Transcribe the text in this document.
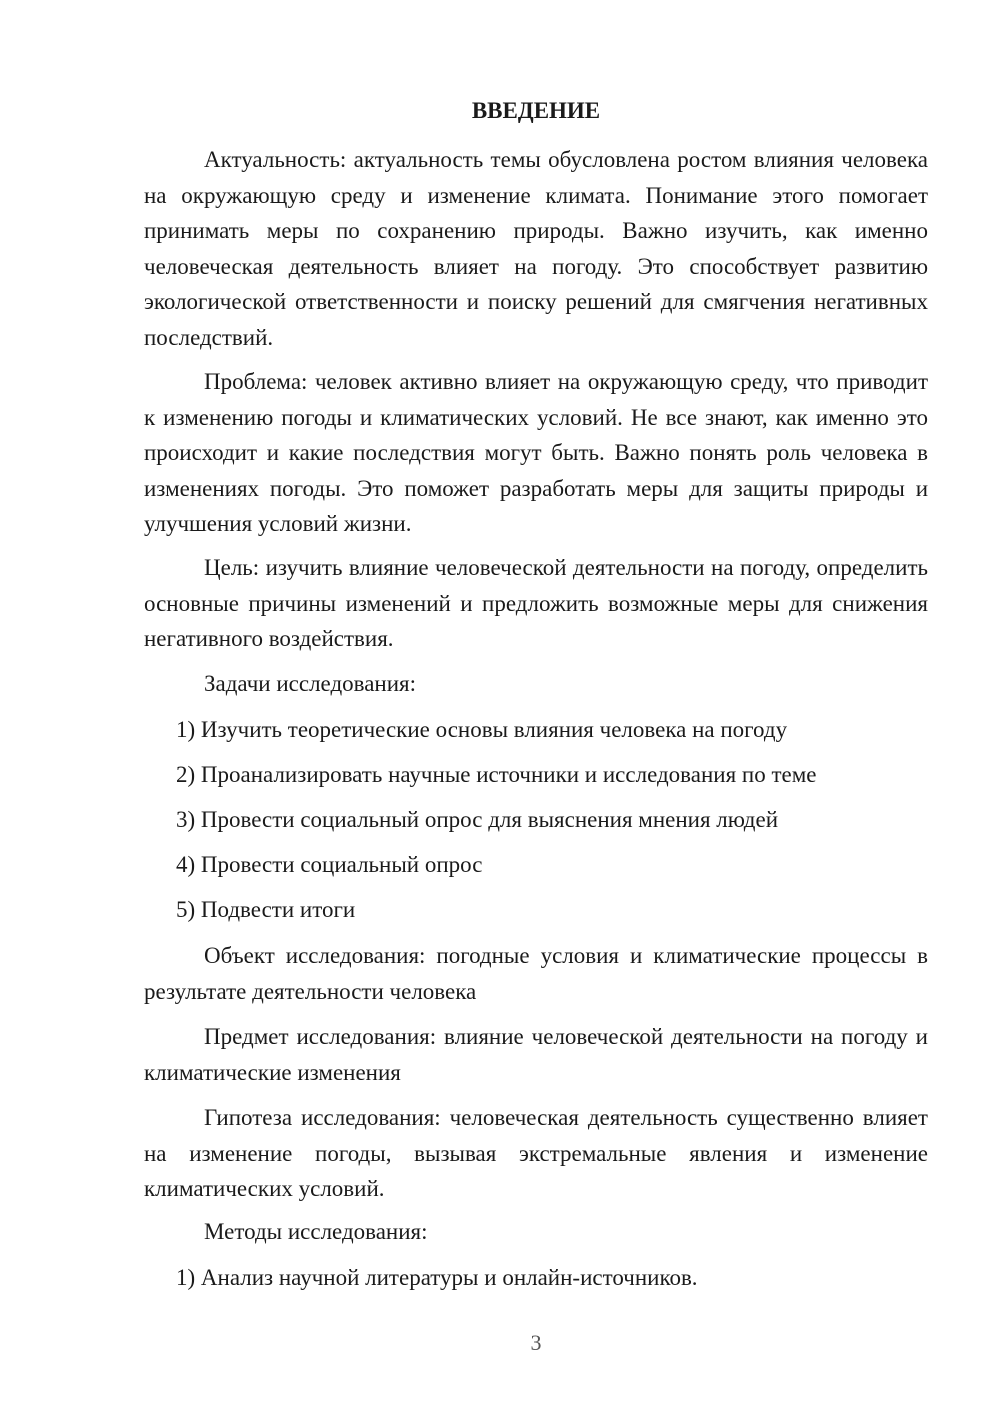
ВВЕДЕНИЕ

Актуальность: актуальность темы обусловлена ростом влияния человека на окружающую среду и изменение климата. Понимание этого помогает принимать меры по сохранению природы. Важно изучить, как именно человеческая деятельность влияет на погоду. Это способствует развитию экологической ответственности и поиску решений для смягчения негативных последствий.

Проблема: человек активно влияет на окружающую среду, что приводит к изменению погоды и климатических условий. Не все знают, как именно это происходит и какие последствия могут быть. Важно понять роль человека в изменениях погоды. Это поможет разработать меры для защиты природы и улучшения условий жизни.

Цель: изучить влияние человеческой деятельности на погоду, определить основные причины изменений и предложить возможные меры для снижения негативного воздействия.

Задачи исследования:

1) Изучить теоретические основы влияния человека на погоду

2) Проанализировать научные источники и исследования по теме

3) Провести социальный опрос для выяснения мнения людей

4) Провести социальный опрос

5) Подвести итоги

Объект исследования: погодные условия и климатические процессы в результате деятельности человека

Предмет исследования: влияние человеческой деятельности на погоду и климатические изменения

Гипотеза исследования: человеческая деятельность существенно влияет на изменение погоды, вызывая экстремальные явления и изменение климатических условий.

Методы исследования:

1) Анализ научной литературы и онлайн-источников.

3
